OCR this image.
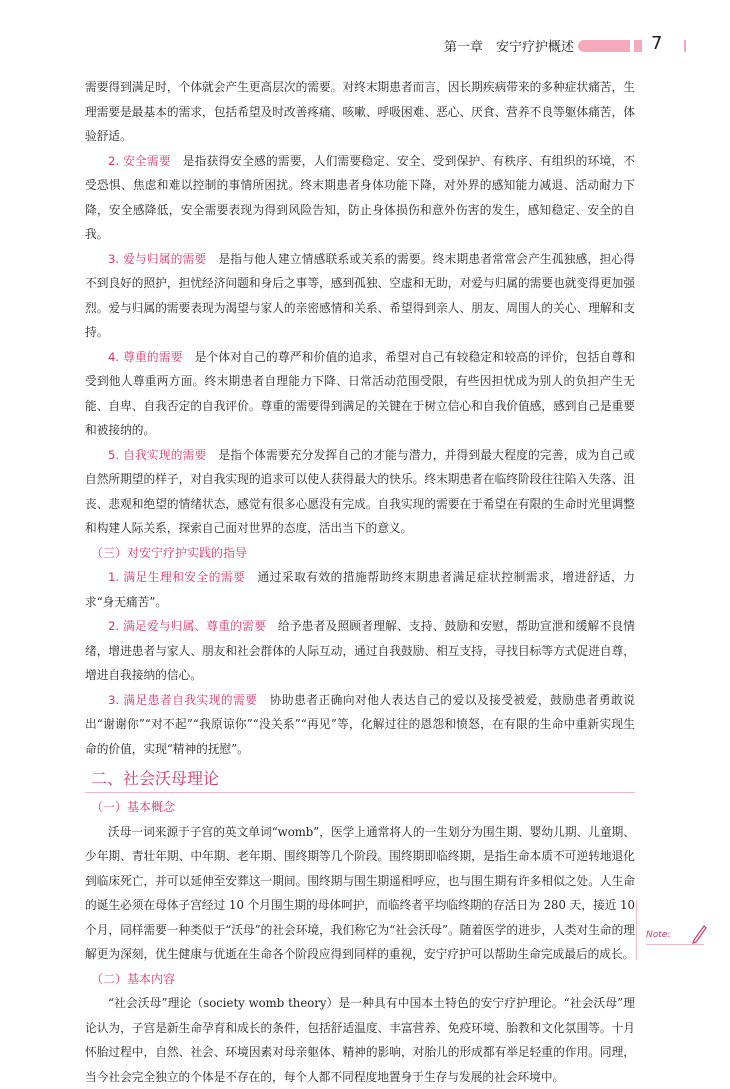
第一章　安宁疗护概述	7

需要得到满足时，个体就会产生更高层次的需要。对终末期患者而言，因长期疾病带来的多种症状痛苦，生理需要是最基本的需求，包括希望及时改善疼痛、咳嗽、呼吸困难、恶心、厌食、营养不良等躯体痛苦，体验舒适。

2. 安全需要　 是指获得安全感的需要，人们需要稳定、安全、受到保护、有秩序、有组织的环境，不受恐惧、焦虑和难以控制的事情所困扰。终末期患者身体功能下降，对外界的感知能力减退、活动耐力下降，安全感降低，安全需要表现为得到风险告知，防止身体损伤和意外伤害的发生，感知稳定、安全的自我。

3. 爱与归属的需要　 是指与他人建立情感联系或关系的需要。终末期患者常常会产生孤独感，担心得不到良好的照护，担忧经济问题和身后之事等，感到孤独、空虚和无助，对爱与归属的需要也就变得更加强烈。爱与归属的需要表现为渴望与家人的亲密感情和关系、希望得到亲人、朋友、周围人的关心、理解和支持。

4. 尊重的需要　 是个体对自己的尊严和价值的追求，希望对自己有较稳定和较高的评价，包括自尊和受到他人尊重两方面。终末期患者自理能力下降、日常活动范围受限，有些因担忧成为别人的负担产生无能、自卑、自我否定的自我评价。尊重的需要得到满足的关键在于树立信心和自我价值感，感到自己是重要和被接纳的。

5. 自我实现的需要　 是指个体需要充分发挥自己的才能与潜力，并得到最大程度的完善，成为自己或自然所期望的样子，对自我实现的追求可以使人获得最大的快乐。终末期患者在临终阶段往往陷入失落、沮丧、悲观和绝望的情绪状态，感觉有很多心愿没有完成。自我实现的需要在于希望在有限的生命时光里调整和构建人际关系，探索自己面对世界的态度，活出当下的意义。

（三）对安宁疗护实践的指导

1. 满足生理和安全的需要　 通过采取有效的措施帮助终末期患者满足症状控制需求，增进舒适，力求“身无痛苦”。

2. 满足爱与归属、尊重的需要　 给予患者及照顾者理解、支持、鼓励和安慰，帮助宣泄和缓解不良情绪，增进患者与家人、朋友和社会群体的人际互动，通过自我鼓励、相互支持，寻找目标等方式促进自尊，增进自我接纳的信心。

3. 满足患者自我实现的需要　 协助患者正确向对他人表达自己的爱以及接受被爱，鼓励患者勇敢说出“谢谢你”“对不起”“我原谅你”“没关系”“再见”等，化解过往的恩怨和愤怒，在有限的生命中重新实现生命的价值，实现“精神的抚慰”。

二、社会沃母理论

（一）基本概念

沃母一词来源于子宫的英文单词“womb”，医学上通常将人的一生划分为围生期、婴幼儿期、儿童期、少年期、青壮年期、中年期、老年期、围终期等几个阶段。围终期即临终期，是指生命本质不可逆转地退化到临床死亡，并可以延伸至安葬这一期间。围终期与围生期遥相呼应，也与围生期有许多相似之处。人生命的诞生必须在母体子宫经过 10 个月围生期的母体呵护，而临终者平均临终期的存活日为 280 天，接近 10 个月，同样需要一种类似于“沃母”的社会环境，我们称它为“社会沃母”。随着医学的进步，人类对生命的理解更为深刻，优生健康与优逝在生命各个阶段应得到同样的重视，安宁疗护可以帮助生命完成最后的成长。

（二）基本内容

“社会沃母”理论（society womb theory）是一种具有中国本土特色的安宁疗护理论。“社会沃母”理论认为，子宫是新生命孕育和成长的条件，包括舒适温度、丰富营养、免疫环境、胎教和文化氛围等。十月怀胎过程中，自然、社会、环境因素对母亲躯体、精神的影响，对胎儿的形成都有举足轻重的作用。同理，当今社会完全独立的个体是不存在的，每个人都不同程度地置身于生存与发展的社会环境中。

Note:
